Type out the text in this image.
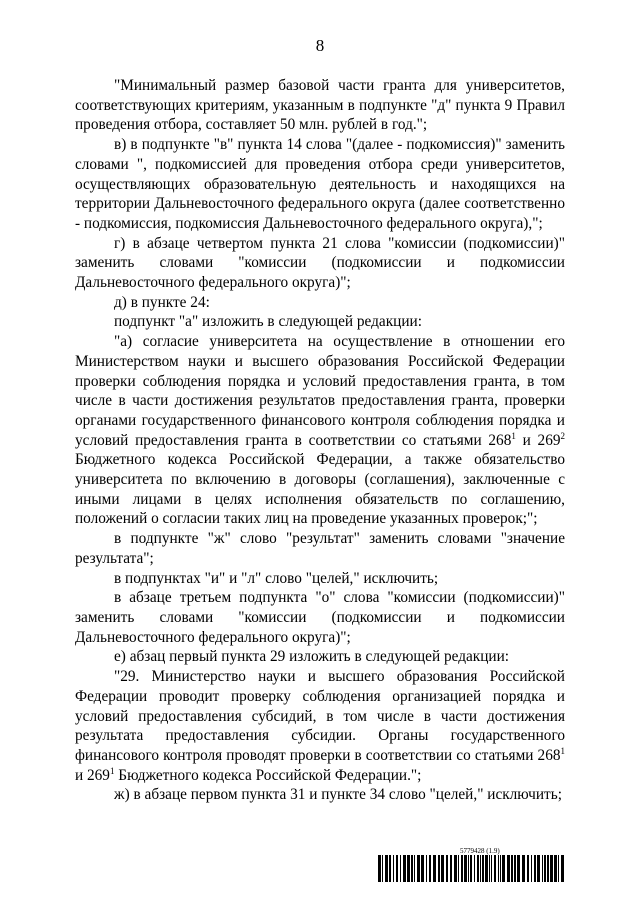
8

"Минимальный размер базовой части гранта для университетов, соответствующих критериям, указанным в подпункте "д" пункта 9 Правил проведения отбора, составляет 50 млн. рублей в год.";

в) в подпункте "в" пункта 14 слова "(далее - подкомиссия)" заменить словами ", подкомиссией для проведения отбора среди университетов, осуществляющих образовательную деятельность и находящихся на территории Дальневосточного федерального округа (далее соответственно - подкомиссия, подкомиссия Дальневосточного федерального округа),";

г) в абзаце четвертом пункта 21 слова "комиссии (подкомиссии)" заменить словами "комиссии (подкомиссии и подкомиссии Дальневосточного федерального округа)";

д) в пункте 24:

подпункт "а" изложить в следующей редакции:

"а) согласие университета на осуществление в отношении его Министерством науки и высшего образования Российской Федерации проверки соблюдения порядка и условий предоставления гранта, в том числе в части достижения результатов предоставления гранта, проверки органами государственного финансового контроля соблюдения порядка и условий предоставления гранта в соответствии со статьями $268^1$ и $269^2$ Бюджетного кодекса Российской Федерации, а также обязательство университета по включению в договоры (соглашения), заключенные с иными лицами в целях исполнения обязательств по соглашению, положений о согласии таких лиц на проведение указанных проверок;";

в подпункте "ж" слово "результат" заменить словами "значение результата";

в подпунктах "и" и "л" слово "целей," исключить;

в абзаце третьем подпункта "о" слова "комиссии (подкомиссии)" заменить словами "комиссии (подкомиссии и подкомиссии Дальневосточного федерального округа)";

е) абзац первый пункта 29 изложить в следующей редакции:

"29. Министерство науки и высшего образования Российской Федерации проводит проверку соблюдения организацией порядка и условий предоставления субсидий, в том числе в части достижения результата предоставления субсидии. Органы государственного финансового контроля проводят проверки в соответствии со статьями $268^1$ и $269^1$ Бюджетного кодекса Российской Федерации.";

ж) в абзаце первом пункта 31 и пункте 34 слово "целей," исключить;

5779428 (1.9)
